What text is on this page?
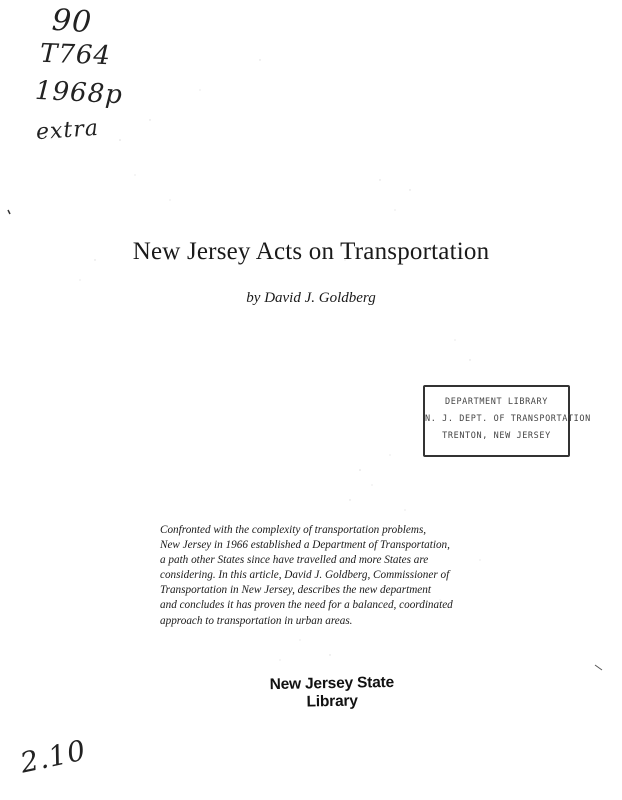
90
T764
1968p
extra
New Jersey Acts on Transportation
by David J. Goldberg
DEPARTMENT LIBRARY
N. J. DEPT. OF TRANSPORTATION
TRENTON, NEW JERSEY
Confronted with the complexity of transportation problems,
New Jersey in 1966 established a Department of Transportation,
a path other States since have travelled and more States are
considering. In this article, David J. Goldberg, Commissioner of
Transportation in New Jersey, describes the new department
and concludes it has proven the need for a balanced, coordinated
approach to transportation in urban areas.
New Jersey State Library
2.10
